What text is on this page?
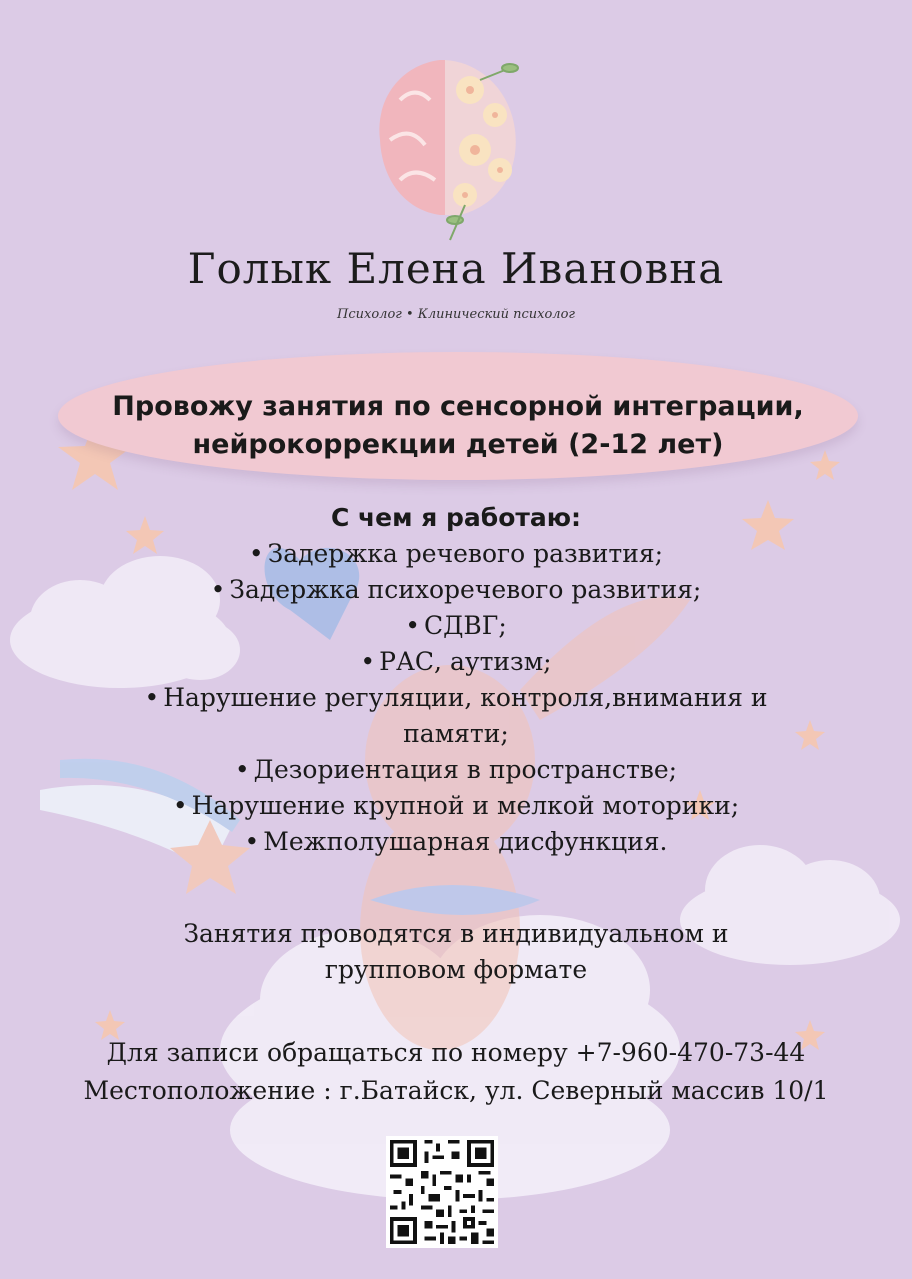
Голык Елена Ивановна
Психолог • Клинический психолог
Провожу занятия по сенсорной интеграции,
нейрокоррекции детей (2-12 лет)
С чем я работаю:
• Задержка речевого развития;
• Задержка психоречевого развития;
• СДВГ;
• РАС, аутизм;
• Нарушение регуляции, контроля,внимания и памяти;
• Дезориентация в пространстве;
• Нарушение крупной и мелкой моторики;
• Межполушарная дисфункция.
Занятия проводятся в индивидуальном и
групповом формате
Для записи обращаться по номеру +7-960-470-73-44
Местоположение : г.Батайск, ул. Северный массив 10/1
